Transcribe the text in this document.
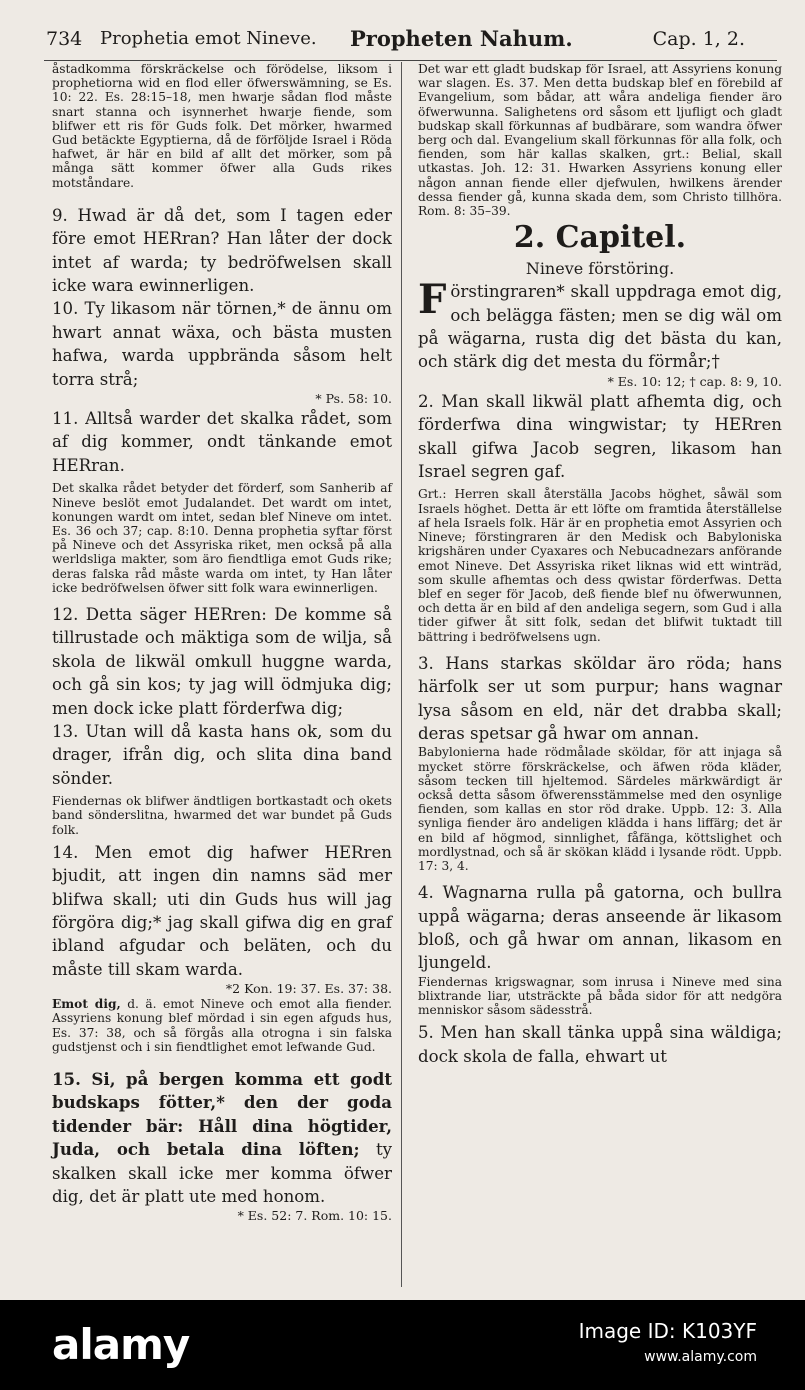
734 Prophetia emot Nineve. Propheten Nahum.	Cap. 1, 2.

åstadkomma förskräckelse och förödelse, liksom i prophetiorna wid en flod eller öfwerswämning, se Es. 10: 22. Es. 28:15–18, men hwarje sådan flod måste snart stanna och isynnerhet hwarje fiende, som blifwer ett ris för Guds folk. Det mörker, hwarmed Gud betäckte Egyptierna, då de förföljde Israel i Röda hafwet, är här en bild af allt det mörker, som på många sätt kommer öfwer alla Guds rikes motståndare.

9. Hwad är då det, som I tagen eder före emot HERran? Han låter der dock intet af warda; ty bedröfwelsen skall icke wara ewinnerligen.

10. Ty likasom när törnen,* de ännu om hwart annat wäxa, och bästa musten hafwa, warda uppbrända såsom helt torra strå;

* Ps. 58: 10.

11. Alltså warder det skalka rådet, som af dig kommer, ondt tänkande emot HERran.

Det skalka rådet betyder det förderf, som Sanherib af Nineve beslöt emot Judalandet. Det wardt om intet, konungen wardt om intet, sedan blef Nineve om intet. Es. 36 och 37; cap. 8:10. Denna prophetia syftar först på Nineve och det Assyriska riket, men också på alla werldsliga makter, som äro fiendtliga emot Guds rike; deras falska råd måste warda om intet, ty Han låter icke bedröfwelsen öfwer sitt folk wara ewinnerligen.

12. Detta säger HERren: De komme så tillrustade och mäktiga som de wilja, så skola de likwäl omkull huggne warda, och gå sin kos; ty jag will ödmjuka dig; men dock icke platt förderfwa dig;

13. Utan will då kasta hans ok, som du drager, ifrån dig, och slita dina band sönder.

Fiendernas ok blifwer ändtligen bortkastadt och okets band sönderslitna, hwarmed det war bundet på Guds folk.

14. Men emot dig hafwer HERren bjudit, att ingen din namns säd mer blifwa skall; uti din Guds hus will jag förgöra dig;* jag skall gifwa dig en graf ibland afgudar och beläten, och du måste till skam warda.

*2 Kon. 19: 37. Es. 37: 38.

Emot dig, d. ä. emot Nineve och emot alla fiender. Assyriens konung blef mördad i sin egen afguds hus, Es. 37: 38, och så förgås alla otrogna i sin falska gudstjenst och i sin fiendtlighet emot lefwande Gud.

15. Si, på bergen komma ett godt budskaps fötter,* den der goda tidender bär: Håll dina högtider, Juda, och betala dina löften; ty skalken skall icke mer komma öfwer dig, det är platt ute med honom.

* Es. 52: 7. Rom. 10: 15.

Det war ett gladt budskap för Israel, att Assyriens konung war slagen. Es. 37. Men detta budskap blef en förebild af Evangelium, som bådar, att wåra andeliga fiender äro öfwerwunna. Salighetens ord såsom ett ljufligt och gladt budskap skall förkunnas af budbärare, som wandra öfwer berg och dal. Evangelium skall förkunnas för alla folk, och fienden, som här kallas skalken, grt.: Belial, skall utkastas. Joh. 12: 31. Hwarken Assyriens konung eller någon annan fiende eller djefwulen, hwilkens ärender dessa fiender gå, kunna skada dem, som Christo tillhöra. Rom. 8: 35–39.

2. Capitel.

Nineve förstöring.

Förstingraren* skall uppdraga emot dig, och belägga fästen; men se dig wäl om på wägarna, rusta dig det bästa du kan, och stärk dig det mesta du förmår;†

* Es. 10: 12; † cap. 8: 9, 10.

2. Man skall likwäl platt afhemta dig, och förderfwa dina wingwistar; ty HERren skall gifwa Jacob segren, likasom han Israel segren gaf.

Grt.: Herren skall återställa Jacobs höghet, såwäl som Israels höghet. Detta är ett löfte om framtida återställelse af hela Israels folk. Här är en prophetia emot Assyrien och Nineve; förstingraren är den Medisk och Babyloniska krigshären under Cyaxares och Nebucadnezars anförande emot Nineve. Det Assyriska riket liknas wid ett winträd, som skulle afhemtas och dess qwistar förderfwas. Detta blef en seger för Jacob, deß fiende blef nu öfwerwunnen, och detta är en bild af den andeliga segern, som Gud i alla tider gifwer åt sitt folk, sedan det blifwit tuktadt till bättring i bedröfwelsens ugn.

3. Hans starkas sköldar äro röda; hans härfolk ser ut som purpur; hans wagnar lysa såsom en eld, när det drabba skall; deras spetsar gå hwar om annan.

Babylonierna hade rödmålade sköldar, för att injaga så mycket större förskräckelse, och äfwen röda kläder, såsom tecken till hjeltemod. Särdeles märkwärdigt är också detta såsom öfwerensstämmelse med den osynlige fienden, som kallas en stor röd drake. Uppb. 12: 3. Alla synliga fiender äro andeligen klädda i hans liffärg; det är en bild af högmod, sinnlighet, fåfänga, köttslighet och mordlystnad, och så är skökan klädd i lysande rödt. Uppb. 17: 3, 4.

4. Wagnarna rulla på gatorna, och bullra uppå wägarna; deras anseende är likasom bloß, och gå hwar om annan, likasom en ljungeld.

Fiendernas krigswagnar, som inrusa i Nineve med sina blixtrande liar, utsträckte på båda sidor för att nedgöra menniskor såsom sädesstrå.

5. Men han skall tänka uppå sina wäldiga; dock skola de falla, ehwart ut

alamy	Image ID: K103YF
www.alamy.com
